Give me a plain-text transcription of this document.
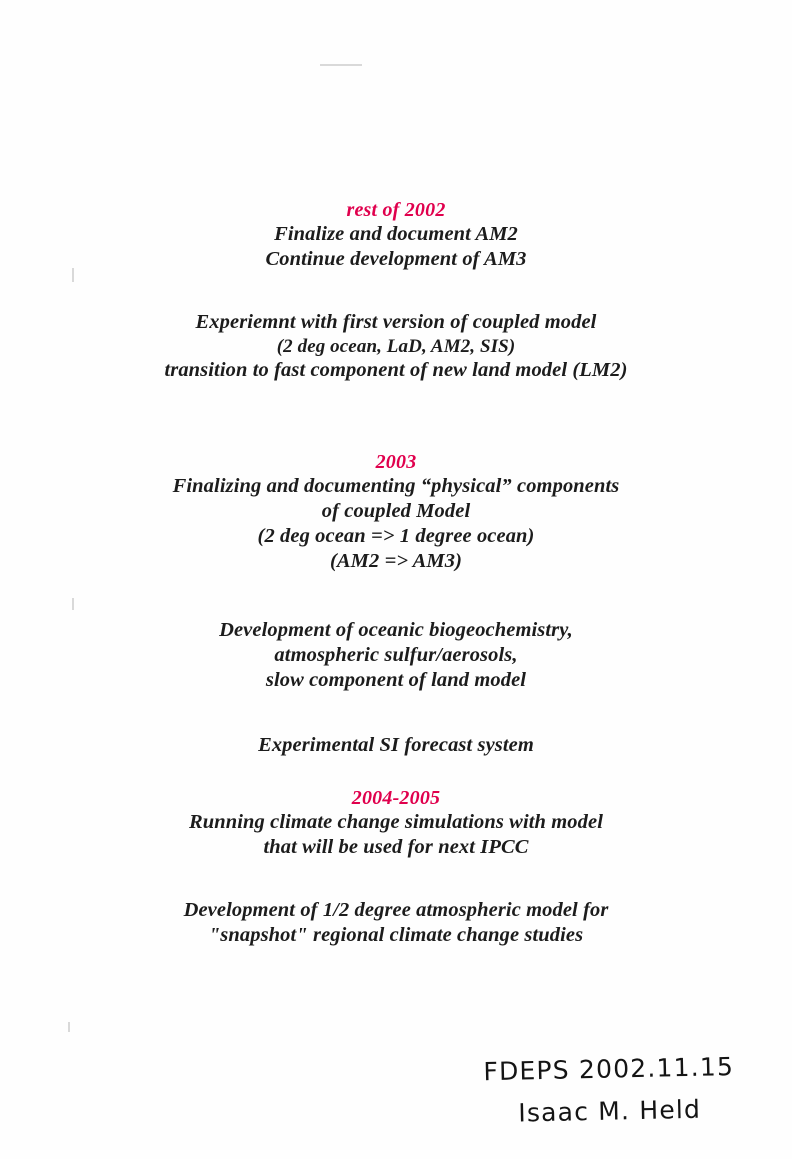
rest of 2002
Finalize and document AM2
Continue development of AM3
Experiemnt with first version of coupled model
(2 deg ocean, LaD, AM2, SIS)
transition to fast component of new land model (LM2)
2003
Finalizing and documenting “physical” components
of coupled Model
(2 deg ocean => 1 degree ocean)
(AM2 => AM3)
Development of oceanic biogeochemistry,
atmospheric sulfur/aerosols,
slow component of land model
Experimental SI forecast system
2004-2005
Running climate change simulations with model
that will be used for next IPCC
Development of 1/2 degree atmospheric model for
"snapshot" regional climate change studies
FDEPS 2002.11.15
Isaac M. Held
